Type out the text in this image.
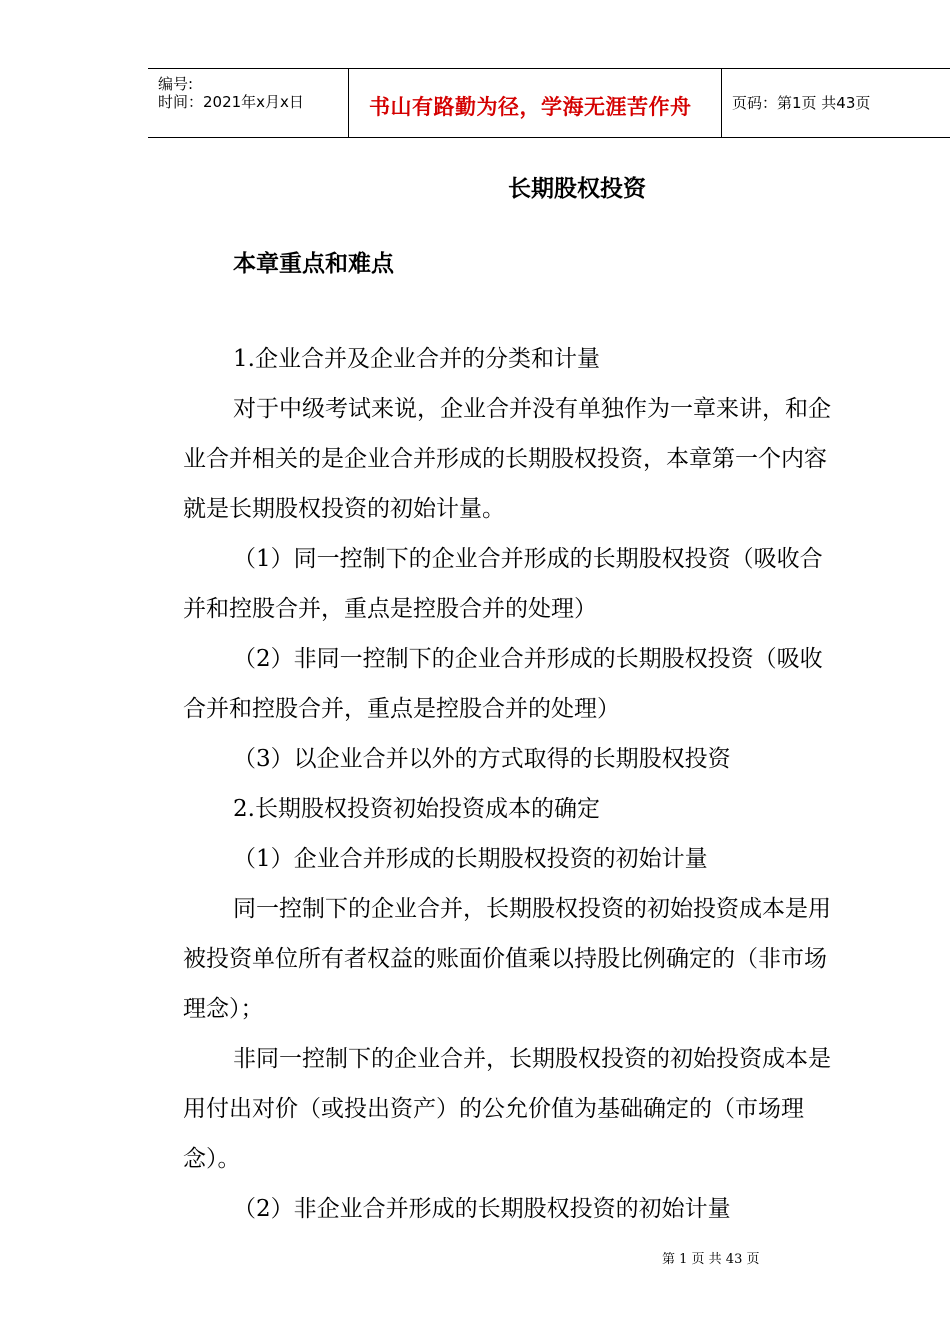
编号:
时间：2021年x月x日	书山有路勤为径，学海无涯苦作舟	页码：第1页 共43页
长期股权投资
本章重点和难点
1.企业合并及企业合并的分类和计量
对于中级考试来说，企业合并没有单独作为一章来讲，和企
业合并相关的是企业合并形成的长期股权投资，本章第一个内容
就是长期股权投资的初始计量。
（1）同一控制下的企业合并形成的长期股权投资（吸收合
并和控股合并，重点是控股合并的处理）
（2）非同一控制下的企业合并形成的长期股权投资（吸收
合并和控股合并，重点是控股合并的处理）
（3）以企业合并以外的方式取得的长期股权投资
2.长期股权投资初始投资成本的确定
（1）企业合并形成的长期股权投资的初始计量
同一控制下的企业合并，长期股权投资的初始投资成本是用
被投资单位所有者权益的账面价值乘以持股比例确定的（非市场
理念）；
非同一控制下的企业合并，长期股权投资的初始投资成本是
用付出对价（或投出资产）的公允价值为基础确定的（市场理
念）。
（2）非企业合并形成的长期股权投资的初始计量
第 1 页 共 43 页
